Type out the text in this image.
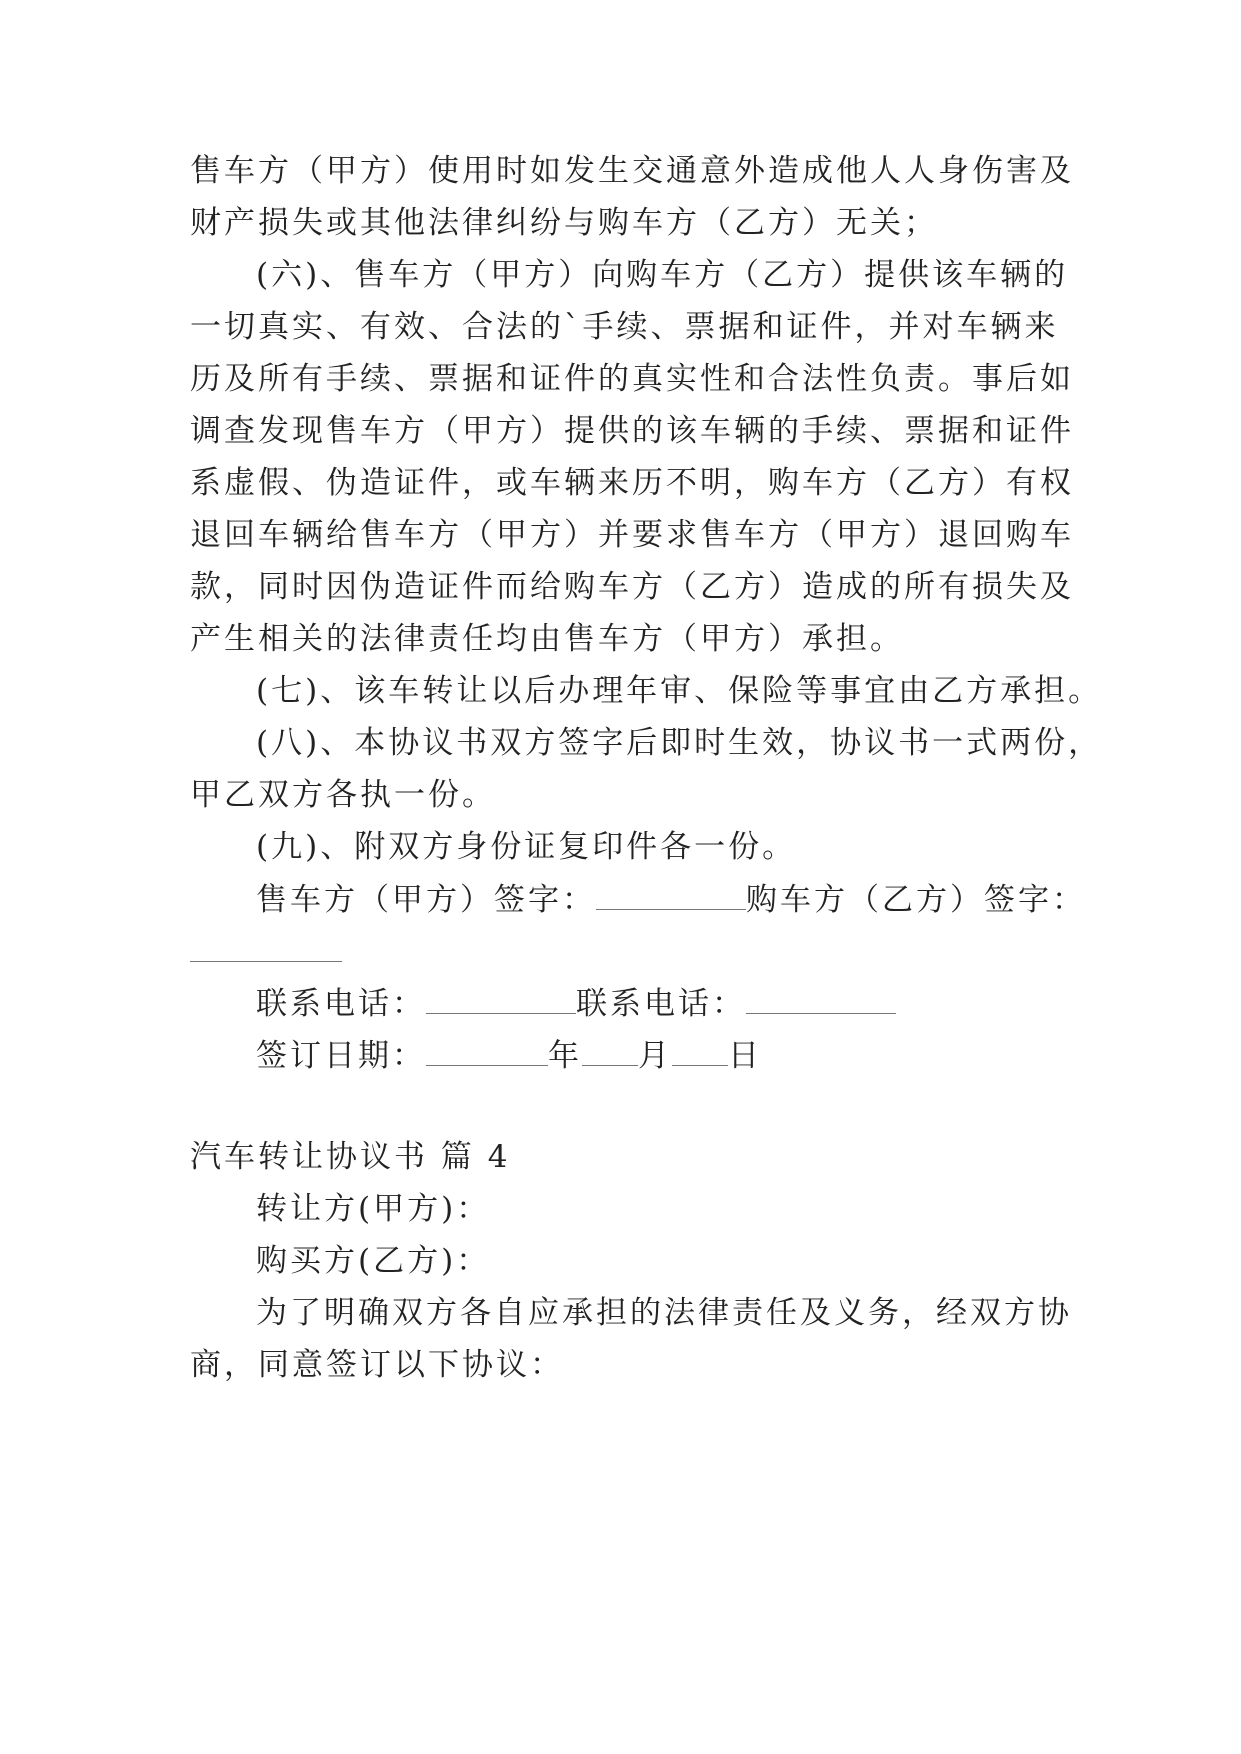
售车方（甲方）使用时如发生交通意外造成他人人身伤害及
财产损失或其他法律纠纷与购车方（乙方）无关；
(六)、售车方（甲方）向购车方（乙方）提供该车辆的
一切真实、有效、合法的`手续、票据和证件，并对车辆来
历及所有手续、票据和证件的真实性和合法性负责。事后如
调查发现售车方（甲方）提供的该车辆的手续、票据和证件
系虚假、伪造证件，或车辆来历不明，购车方（乙方）有权
退回车辆给售车方（甲方）并要求售车方（甲方）退回购车
款，同时因伪造证件而给购车方（乙方）造成的所有损失及
产生相关的法律责任均由售车方（甲方）承担。
(七)、该车转让以后办理年审、保险等事宜由乙方承担。
(八)、本协议书双方签字后即时生效，协议书一式两份，
甲乙双方各执一份。
(九)、附双方身份证复印件各一份。
售车方（甲方）签字：	购车方（乙方）签字：
联系电话：	联系电话：
签订日期：	年 月 日
汽车转让协议书 篇 4
转让方(甲方)：
购买方(乙方)：
为了明确双方各自应承担的法律责任及义务，经双方协
商，同意签订以下协议：
